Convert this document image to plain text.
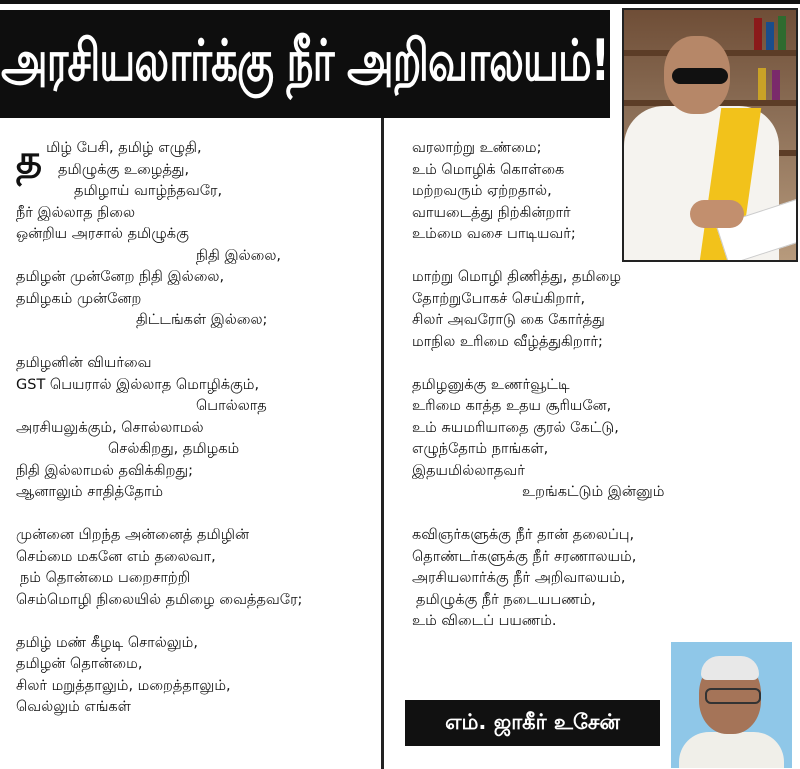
அரசியலார்க்கு நீர் அறிவாலயம்!
த மிழ் பேசி, தமிழ் எழுதி,
தமிழுக்கு உழைத்து,
தமிழாய் வாழ்ந்தவரே,
நீர் இல்லாத நிலை
ஒன்றிய அரசால் தமிழுக்கு
நிதி இல்லை,
தமிழன் முன்னேற நிதி இல்லை,
தமிழகம் முன்னேற
திட்டங்கள் இல்லை;
தமிழனின் வியர்வை
GST பெயரால் இல்லாத மொழிக்கும்,
பொல்லாத
அரசியலுக்கும், சொல்லாமல்
செல்கிறது, தமிழகம்
நிதி இல்லாமல் தவிக்கிறது;
ஆனாலும் சாதித்தோம்
முன்னை பிறந்த அன்னைத் தமிழின்
செம்மை மகனே எம் தலைவா,
நம் தொன்மை பறைசாற்றி
செம்மொழி நிலையில் தமிழை வைத்தவரே;
தமிழ் மண் கீழடி சொல்லும்,
தமிழன் தொன்மை,
சிலர் மறுத்தாலும், மறைத்தாலும்,
வெல்லும் எங்கள்
வரலாற்று உண்மை;
உம் மொழிக் கொள்கை
மற்றவரும் ஏற்றதால்,
வாயடைத்து நிற்கின்றார்
உம்மை வசை பாடியவர்;
மாற்று மொழி திணித்து, தமிழை
தோற்றுபோகச் செய்கிறார்,
சிலர் அவரோடு கை கோர்த்து
மாநில உரிமை வீழ்த்துகிறார்;
தமிழனுக்கு உணர்வூட்டி
உரிமை காத்த உதய சூரியனே,
உம் சுயமரியாதை குரல் கேட்டு,
எழுந்தோம் நாங்கள்,
இதயமில்லாதவர்
உறங்கட்டும் இன்னும்
கவிஞர்களுக்கு நீர் தான் தலைப்பு,
தொண்டர்களுக்கு நீர் சரணாலயம்,
அரசியலார்க்கு நீர் அறிவாலயம்,
தமிழுக்கு நீர் நடையபணம்,
உம் விடைப் பயணம்.
எம். ஜாகீர் உசேன்
